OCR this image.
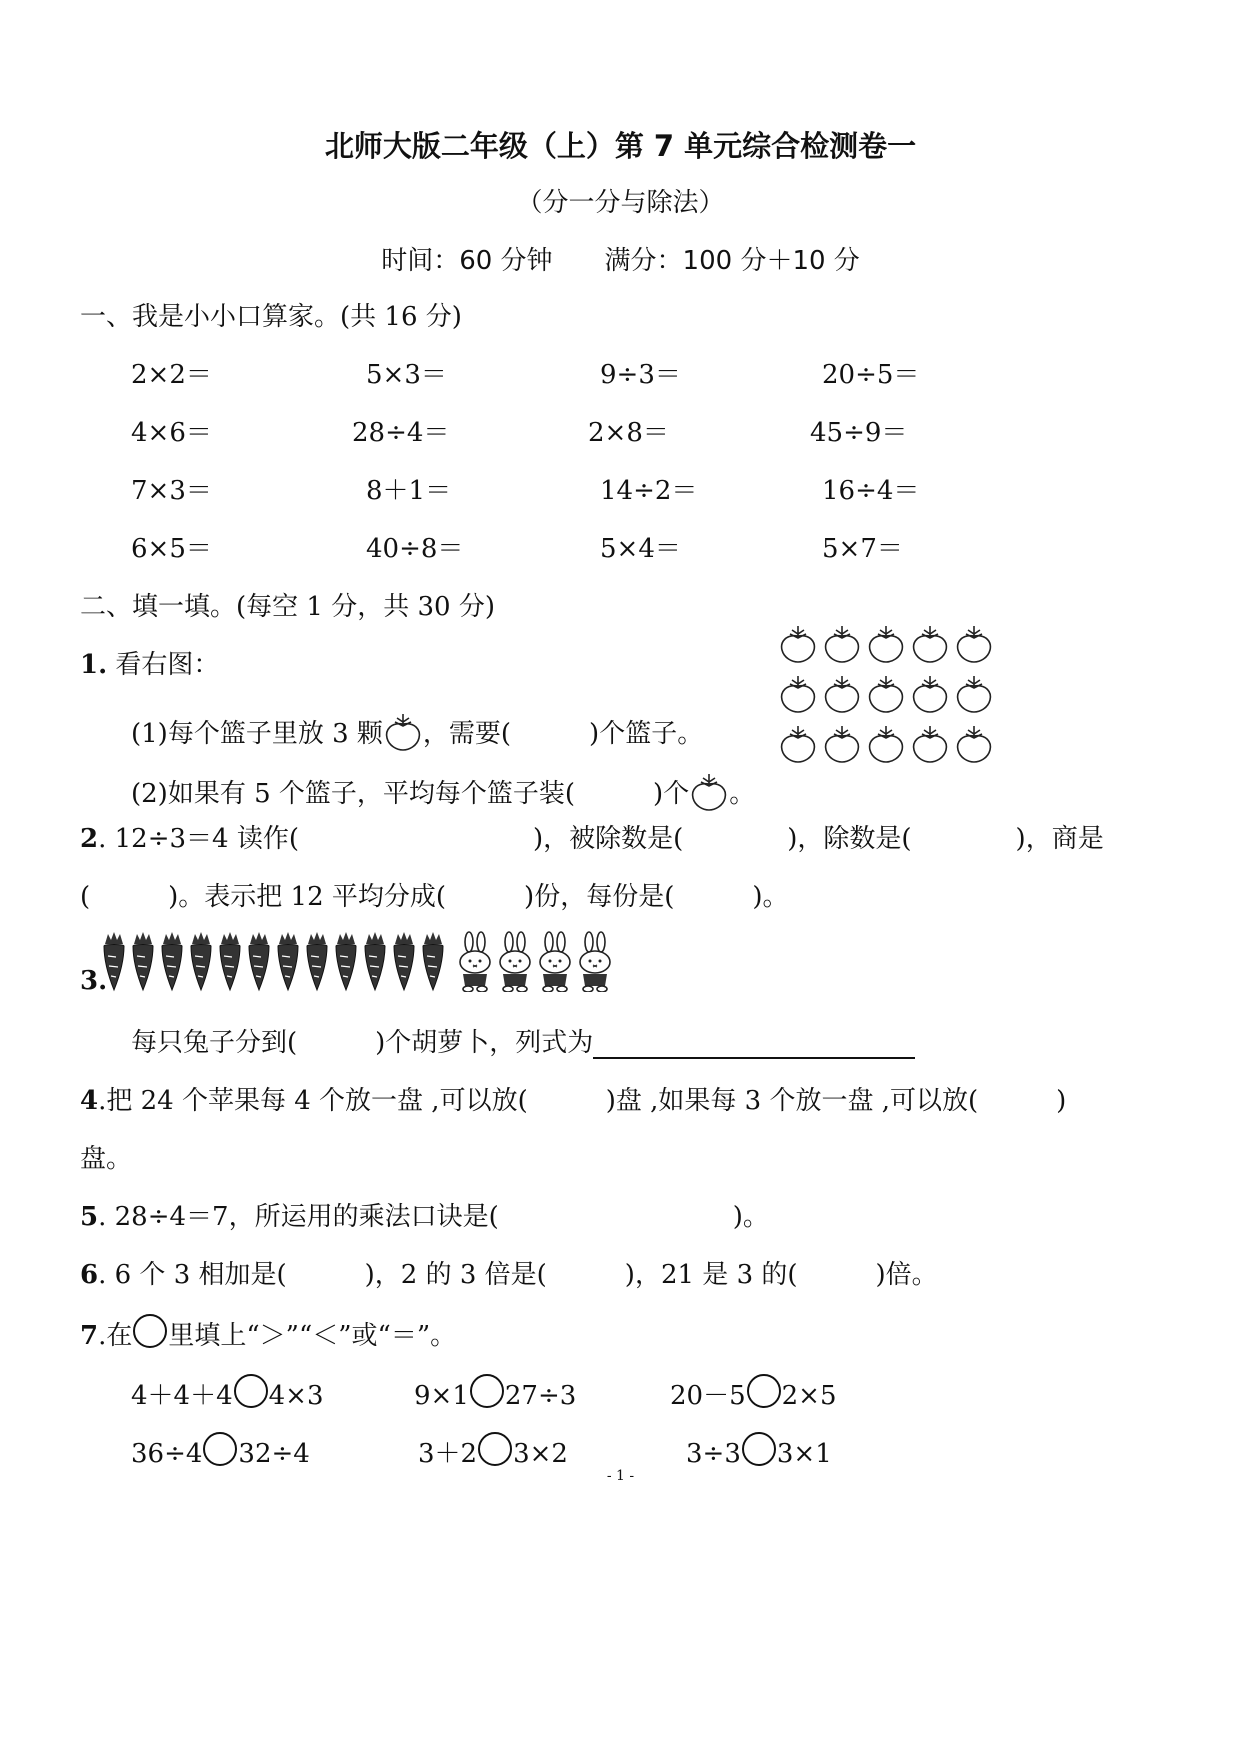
北师大版二年级（上）第 7 单元综合检测卷一
（分一分与除法）
时间：60 分钟　　满分：100 分＋10 分
一、我是小小口算家。(共 16 分)
2×2＝	5×3＝	9÷3＝	20÷5＝
4×6＝	28÷4＝	2×8＝	45÷9＝
7×3＝	8＋1＝	14÷2＝	16÷4＝
6×5＝	40÷8＝	5×4＝	5×7＝
二、填一填。(每空 1 分，共 30 分)
1. 看右图：
(1)每个篮子里放 3 颗 ，需要(　　　)个篮子。
(2)如果有 5 个篮子，平均每个篮子装(　　　)个 。
2. 12÷3＝4 读作(　　　　　　　　　)，被除数是(　　　　)，除数是(　　　　)，商是
(　　　)。表示把 12 平均分成(　　　)份，每份是(　　　)。
3.
每只兔子分到(　　　)个胡萝卜，列式为
4.把 24 个苹果每 4 个放一盘 ,可以放(　　　)盘 ,如果每 3 个放一盘 ,可以放(　　　)
盘。
5. 28÷4＝7，所运用的乘法口诀是(　　　　　　　　　)。
6. 6 个 3 相加是(　　　)，2 的 3 倍是(　　　)，21 是 3 的(　　　)倍。
7.在 里填上“＞”“＜”或“＝”。
4＋4＋4 4×3	9×1 27÷3	20－5 2×5
36÷4 32÷4	3＋2 3×2	3÷3 3×1
- 1 -
